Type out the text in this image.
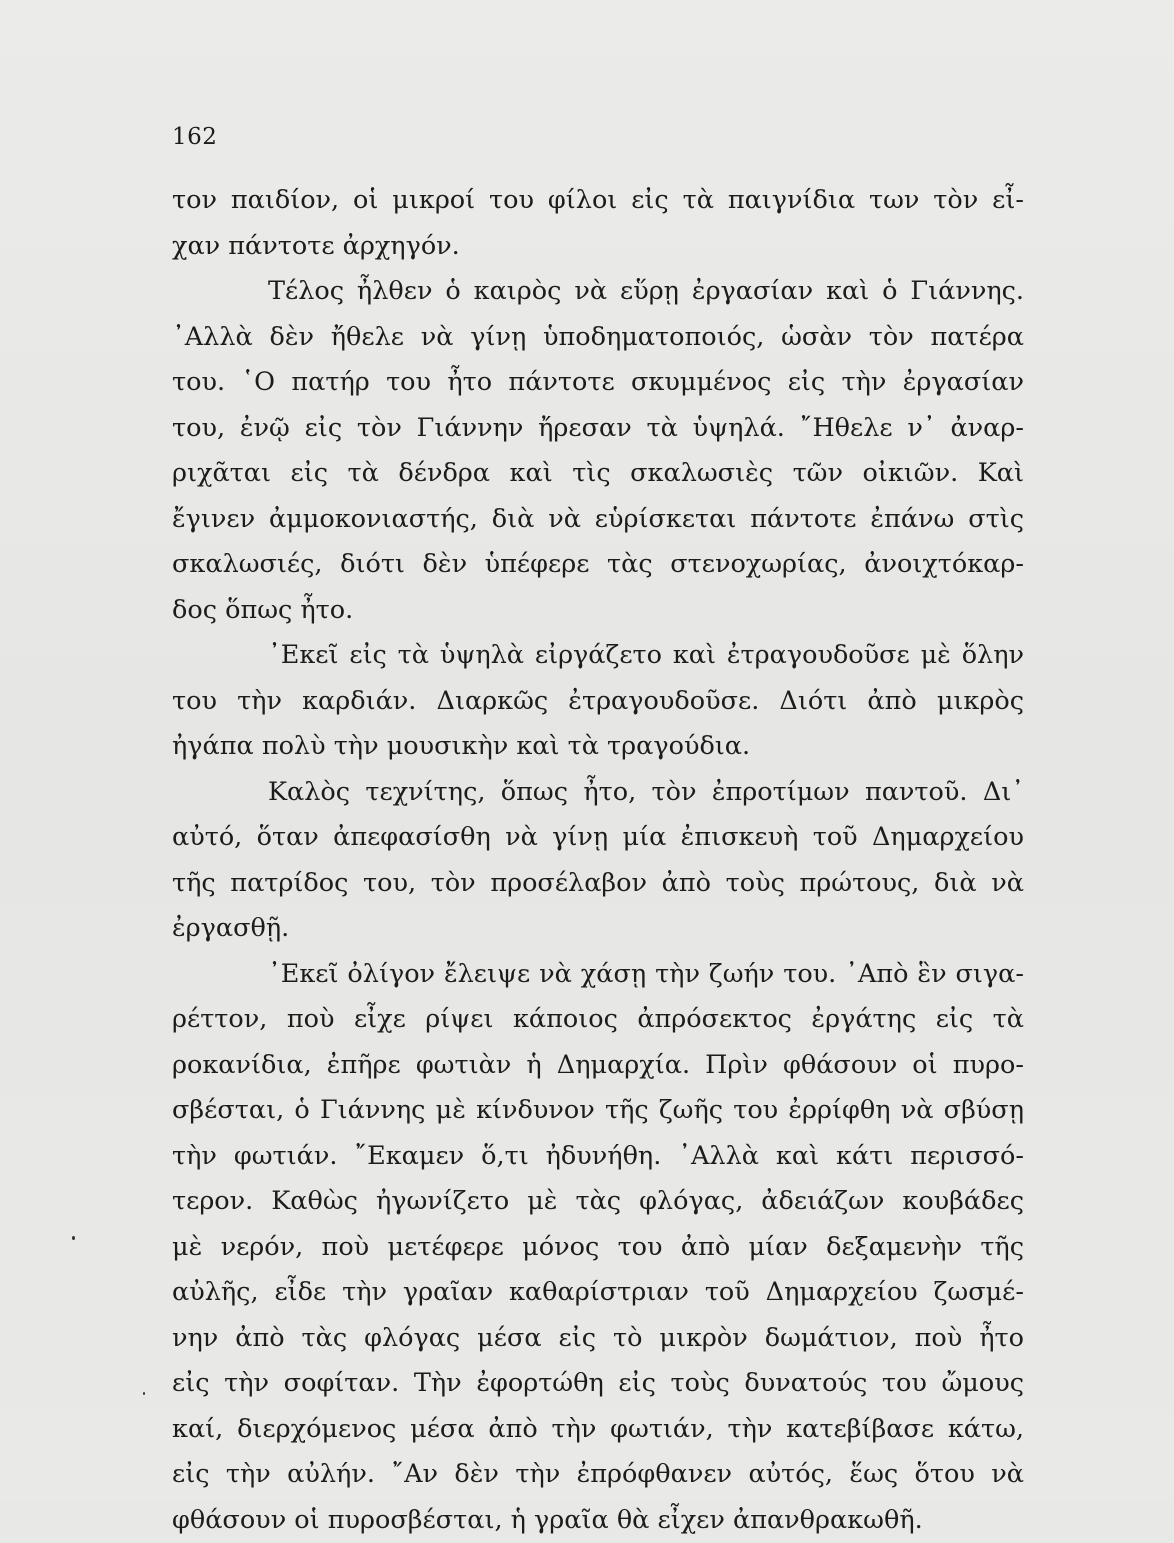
162
τον παιδίον, οἱ μικροί του φίλοι εἰς τὰ παιγνίδια των τὸν εἶ-
χαν πάντοτε ἀρχηγόν.
Τέλος ἦλθεν ὁ καιρὸς νὰ εὕρῃ ἐργασίαν καὶ ὁ Γιάννης.
᾿Αλλὰ δὲν ἤθελε νὰ γίνῃ ὑποδηματοποιός, ὡσὰν τὸν πατέρα
του. ῾Ο πατήρ του ἦτο πάντοτε σκυμμένος εἰς τὴν ἐργασίαν
του, ἐνῷ εἰς τὸν Γιάννην ἤρεσαν τὰ ὑψηλά. ῎Ηθελε ν᾿ ἀναρ-
ριχᾶται εἰς τὰ δένδρα καὶ τὶς σκαλωσιὲς τῶν οἰκιῶν. Καὶ
ἔγινεν ἀμμοκονιαστής, διὰ νὰ εὑρίσκεται πάντοτε ἐπάνω στὶς
σκαλωσιές, διότι δὲν ὑπέφερε τὰς στενοχωρίας, ἀνοιχτόκαρ-
δος ὅπως ἦτο.
᾿Εκεῖ εἰς τὰ ὑψηλὰ εἰργάζετο καὶ ἐτραγουδοῦσε μὲ ὅλην
του τὴν καρδιάν. Διαρκῶς ἐτραγουδοῦσε. Διότι ἀπὸ μικρὸς
ἠγάπα πολὺ τὴν μουσικὴν καὶ τὰ τραγούδια.
Καλὸς τεχνίτης, ὅπως ἦτο, τὸν ἐπροτίμων παντοῦ. Δι᾿
αὐτό, ὅταν ἀπεφασίσθη νὰ γίνῃ μία ἐπισκευὴ τοῦ Δημαρχείου
τῆς πατρίδος του, τὸν προσέλαβον ἀπὸ τοὺς πρώτους, διὰ νὰ
ἐργασθῇ.
᾿Εκεῖ ὀλίγον ἔλειψε νὰ χάσῃ τὴν ζωήν του. ᾿Απὸ ἓν σιγα-
ρέττον, ποὺ εἶχε ρίψει κάποιος ἀπρόσεκτος ἐργάτης εἰς τὰ
ροκανίδια, ἐπῆρε φωτιὰν ἡ Δημαρχία. Πρὶν φθάσουν οἱ πυρο-
σβέσται, ὁ Γιάννης μὲ κίνδυνον τῆς ζωῆς του ἐρρίφθη νὰ σβύσῃ
τὴν φωτιάν. ῎Εκαμεν ὅ,τι ἠδυνήθη. ᾿Αλλὰ καὶ κάτι περισσό-
τερον. Καθὼς ἠγωνίζετο μὲ τὰς φλόγας, ἀδειάζων κουβάδες
μὲ νερόν, ποὺ μετέφερε μόνος του ἀπὸ μίαν δεξαμενὴν τῆς
αὐλῆς, εἶδε τὴν γραῖαν καθαρίστριαν τοῦ Δημαρχείου ζωσμέ-
νην ἀπὸ τὰς φλόγας μέσα εἰς τὸ μικρὸν δωμάτιον, ποὺ ἦτο
εἰς τὴν σοφίταν. Τὴν ἐφορτώθη εἰς τοὺς δυνατούς του ὤμους
καί, διερχόμενος μέσα ἀπὸ τὴν φωτιάν, τὴν κατεβίβασε κάτω,
εἰς τὴν αὐλήν. ῎Αν δὲν τὴν ἐπρόφθανεν αὐτός, ἕως ὅτου νὰ
φθάσουν οἱ πυροσβέσται, ἡ γραῖα θὰ εἶχεν ἀπανθρακωθῆ.
